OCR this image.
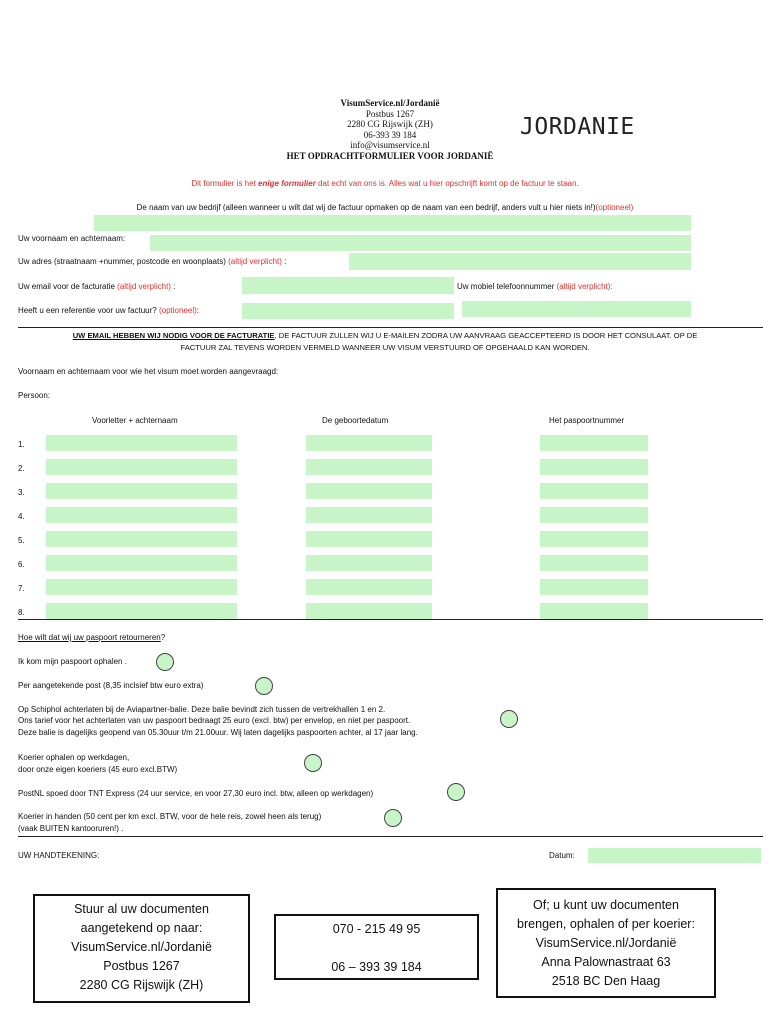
VisumService.nl/Jordanië
Postbus 1267
2280 CG Rijswijk (ZH)
06-393 39 184
info@visumservice.nl
HET OPDRACHTFORMULIER VOOR JORDANIË
JORDANIE
Dit formulier is het enige formulier dat echt van ons is. Alles wat u hier opschrijft komt op de factuur te staan.
De naam van uw bedrijf (alleen wanneer u wilt dat wij de factuur opmaken op de naam van een bedrijf, anders vult u hier niets in!)(optioneel)
Uw voornaam en achternaam:
Uw adres (straatnaam +nummer, postcode en woonplaats) (altijd verplicht) :
Uw email voor de facturatie (altijd verplicht) :	Uw mobiel telefoonnummer (altijd verplicht):
Heeft u een referentie voor uw factuur? (optioneel):
UW EMAIL HEBBEN WIJ NODIG VOOR DE FACTURATIE, DE FACTUUR ZULLEN WIJ U E-MAILEN ZODRA UW AANVRAAG GEACCEPTEERD IS DOOR HET CONSULAAT. OP DE
FACTUUR ZAL TEVENS WORDEN VERMELD WANNEER UW VISUM VERSTUURD OF OPGEHAALD KAN WORDEN.
Voornaam en achternaam voor wie het visum moet worden aangevraagd:
Persoon:
Voorletter + achternaam	De geboortedatum	Het paspoortnummer
1.
2.
3.
4.
5.
6.
7.
8.
Hoe wilt dat wij uw paspoort retourneren?
Ik kom mijn paspoort ophalen .
Per aangetekende post (8,35 inclsief btw euro extra)
Op Schiphol achterlaten bij de Aviapartner-balie. Deze balie bevindt zich tussen de vertrekhallen 1 en 2.
Ons tarief voor het achterlaten van uw paspoort bedraagt 25 euro (excl. btw) per envelop, en niet per paspoort.
Deze balie is dagelijks geopend van 05.30uur t/m 21.00uur. Wij laten dagelijks paspoorten achter, al 17 jaar lang.
Koerier ophalen op werkdagen,
door onze eigen koeriers (45 euro excl.BTW)
PostNL spoed door TNT Express (24 uur service, en voor 27,30 euro incl. btw, alleen op werkdagen)
Koerier in handen (50 cent per km excl. BTW, voor de hele reis, zowel heen als terug)
(vaak BUITEN kantooruren!) .
UW HANDTEKENING:	Datum:
Stuur al uw documenten
aangetekend op naar:
VisumService.nl/Jordanië
Postbus 1267
2280 CG Rijswijk (ZH)
070 - 215 49 95
06 – 393 39 184
Of; u kunt uw documenten
brengen, ophalen of per koerier:
VisumService.nl/Jordanië
Anna Palownastraat 63
2518 BC Den Haag
